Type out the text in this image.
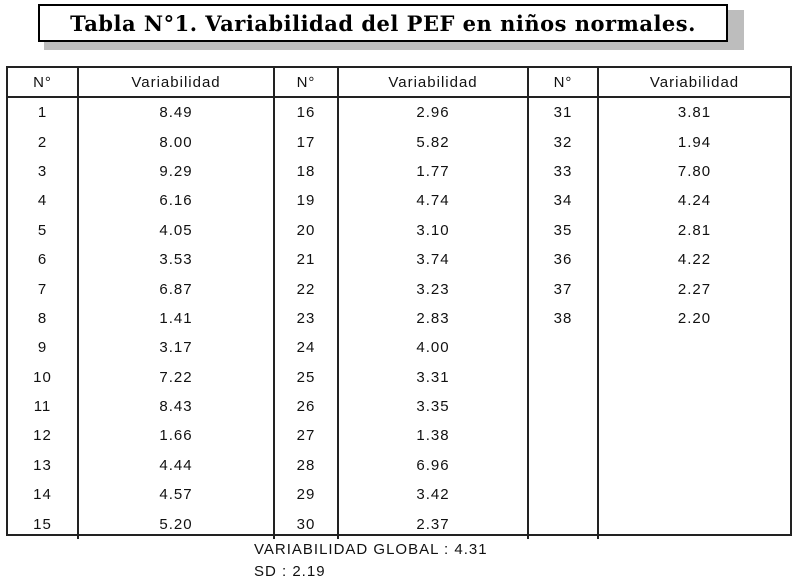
Tabla N°1. Variabilidad del PEF en niños normales.
N°	Variabilidad	N°	Variabilidad	N°	Variabilidad
1	8.49	16	2.96	31	3.81
2	8.00	17	5.82	32	1.94
3	9.29	18	1.77	33	7.80
4	6.16	19	4.74	34	4.24
5	4.05	20	3.10	35	2.81
6	3.53	21	3.74	36	4.22
7	6.87	22	3.23	37	2.27
8	1.41	23	2.83	38	2.20
9	3.17	24	4.00		
10	7.22	25	3.31		
11	8.43	26	3.35		
12	1.66	27	1.38		
13	4.44	28	6.96		
14	4.57	29	3.42		
15	5.20	30	2.37		
VARIABILIDAD GLOBAL : 4.31
SD : 2.19
